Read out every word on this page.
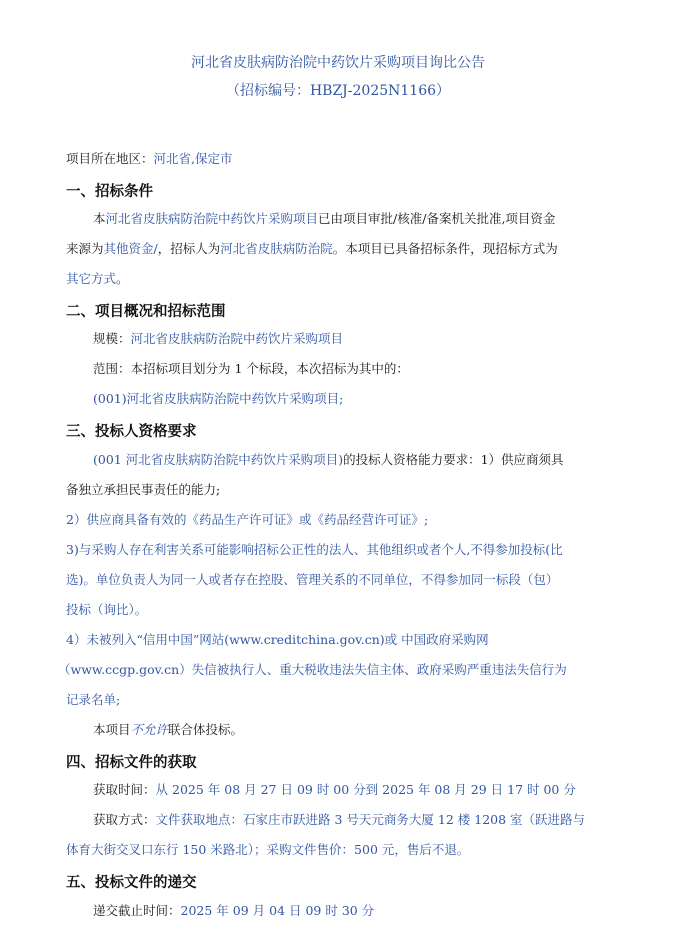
河北省皮肤病防治院中药饮片采购项目询比公告
（招标编号：HBZJ-2025N1166）
项目所在地区：河北省,保定市
一、招标条件
本河北省皮肤病防治院中药饮片采购项目已由项目审批/核准/备案机关批准,项目资金
来源为其他资金/，招标人为河北省皮肤病防治院。本项目已具备招标条件，现招标方式为
其它方式。
二、项目概况和招标范围
规模：河北省皮肤病防治院中药饮片采购项目
范围：本招标项目划分为 1 个标段，本次招标为其中的：
(001)河北省皮肤病防治院中药饮片采购项目;
三、投标人资格要求
(001 河北省皮肤病防治院中药饮片采购项目)的投标人资格能力要求：1）供应商须具
备独立承担民事责任的能力;
2）供应商具备有效的《药品生产许可证》或《药品经营许可证》;
3)与采购人存在利害关系可能影响招标公正性的法人、其他组织或者个人,不得参加投标(比
选)。单位负责人为同一人或者存在控股、管理关系的不同单位，不得参加同一标段（包）
投标（询比）。
4）未被列入“信用中国”网站(www.creditchina.gov.cn)或 中国政府采购网
（www.ccgp.gov.cn）失信被执行人、重大税收违法失信主体、政府采购严重违法失信行为
记录名单;
本项目不允许联合体投标。
四、招标文件的获取
获取时间：从 2025 年 08 月 27 日 09 时 00 分到 2025 年 08 月 29 日 17 时 00 分
获取方式：文件获取地点：石家庄市跃进路 3 号天元商务大厦 12 楼 1208 室（跃进路与
体育大街交叉口东行 150 米路北）；采购文件售价：500 元，售后不退。
五、投标文件的递交
递交截止时间：2025 年 09 月 04 日 09 时 30 分
